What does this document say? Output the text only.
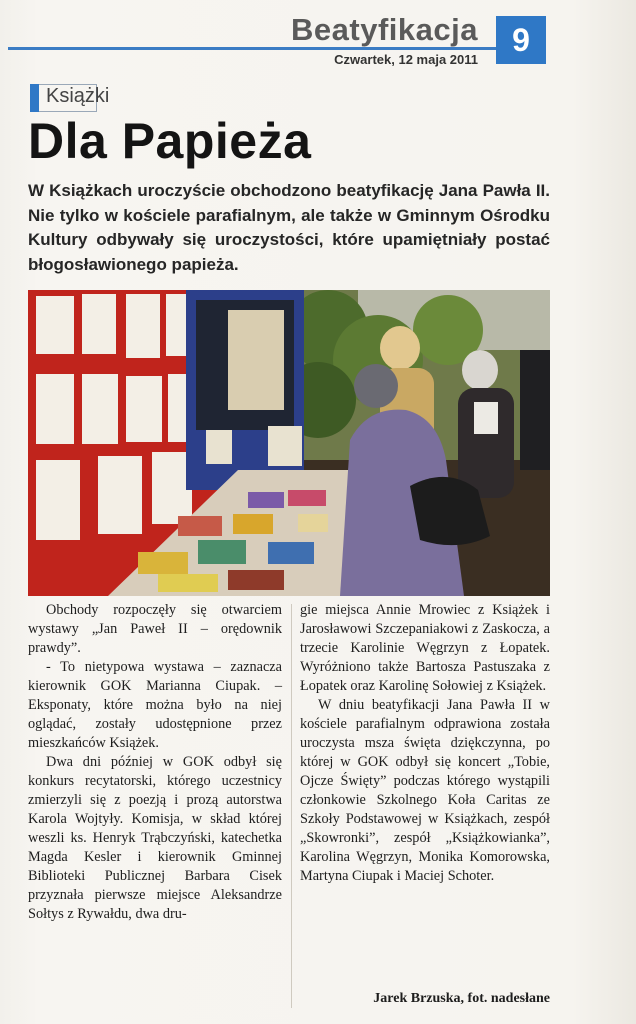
Beatyfikacja	9
Czwartek, 12 maja 2011
Książki
Dla Papieża

W Książkach uroczyście obchodzono beatyfikację Jana Pawła II. Nie tylko w kościele parafialnym, ale także w Gminnym Ośrodku Kultury odbywały się uroczystości, które upamiętniały postać błogosławionego papieża.

Obchody rozpoczęły się otwarciem wystawy „Jan Paweł II – orędownik prawdy”.

- To nietypowa wystawa – zaznacza kierownik GOK Marianna Ciupak. – Eksponaty, które można było na niej oglądać, zostały udostępnione przez mieszkańców Książek.

Dwa dni później w GOK odbył się konkurs recytatorski, którego uczestnicy zmierzyli się z poezją i prozą autorstwa Karola Wojtyły. Komisja, w skład której weszli ks. Henryk Trąbczyński, katechetka Magda Kesler i kierownik Gminnej Biblioteki Publicznej Barbara Cisek przyznała pierwsze miejsce Aleksandrze Sołtys z Rywałdu, dwa dru-

gie miejsca Annie Mrowiec z Książek i Jarosławowi Szczepaniakowi z Zaskocza, a trzecie Karolinie Węgrzyn z Łopatek. Wyróżniono także Bartosza Pastuszaka z Łopatek oraz Karolinę Sołowiej z Książek.

W dniu beatyfikacji Jana Pawła II w kościele parafialnym odprawiona została uroczysta msza święta dziękczynna, po której w GOK odbył się koncert „Tobie, Ojcze Święty” podczas którego wystąpili członkowie Szkolnego Koła Caritas ze Szkoły Podstawowej w Książkach, zespół „Skowronki”, zespół „Książkowianka”, Karolina Węgrzyn, Monika Komorowska, Martyna Ciupak i Maciej Schoter.

Jarek Brzuska, fot. nadesłane
